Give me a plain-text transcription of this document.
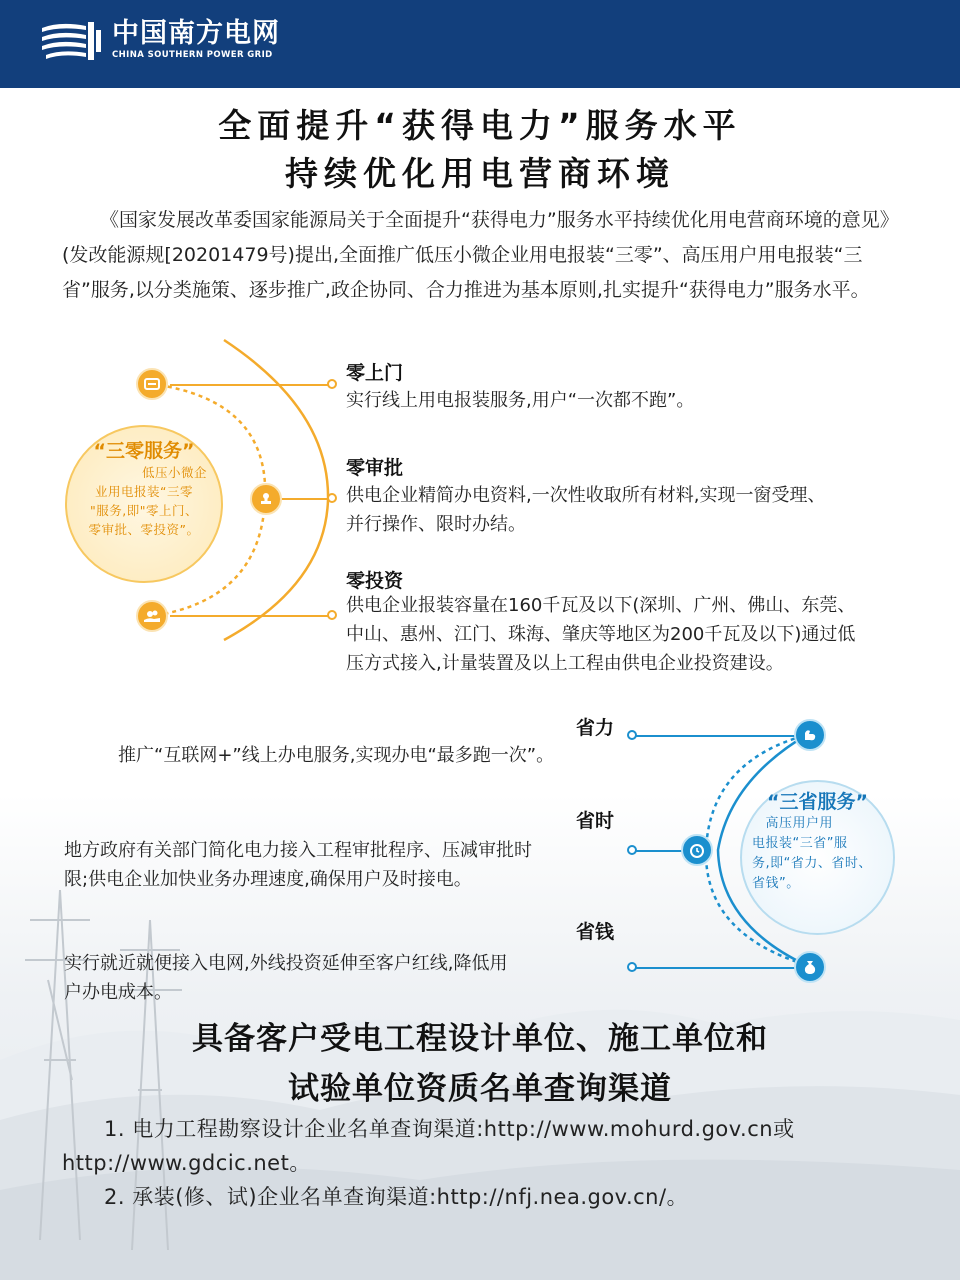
中国南方电网
CHINA SOUTHERN POWER GRID
全面提升“获得电力”服务水平
持续优化用电营商环境
《国家发展改革委国家能源局关于全面提升“获得电力”服务水平持续优化用电营商环境的意见》(发改能源规[20201479号)提出,全面推广低压小微企业用电报装“三零”、高压用户用电报装“三省”服务,以分类施策、逐步推广,政企协同、合力推进为基本原则,扎实提升“获得电力”服务水平。
“三零服务”
低压小微企
业用电报装“三零
"服务,即"零上门、
零审批、零投资”。
零上门
实行线上用电报装服务,用户“一次都不跑”。
零审批
供电企业精简办电资料,一次性收取所有材料,实现一窗受理、
并行操作、限时办结。
零投资
供电企业报装容量在160千瓦及以下(深圳、广州、佛山、东莞、
中山、惠州、江门、珠海、肇庆等地区为200千瓦及以下)通过低
压方式接入,计量装置及以上工程由供电企业投资建设。
“三省服务”
　高压用户用
电报装“三省”服
务,即“省力、省时、
省钱”。
省力
推广“互联网+”线上办电服务,实现办电“最多跑一次”。
省时
地方政府有关部门简化电力接入工程审批程序、压减审批时
限;供电企业加快业务办理速度,确保用户及时接电。
省钱
实行就近就便接入电网,外线投资延伸至客户红线,降低用
户办电成本。
具备客户受电工程设计单位、施工单位和
试验单位资质名单查询渠道

1. 电力工程勘察设计企业名单查询渠道:http://www.mohurd.gov.cn或

http://www.gdcic.net。

2. 承装(修、试)企业名单查询渠道:http://nfj.nea.gov.cn/。
